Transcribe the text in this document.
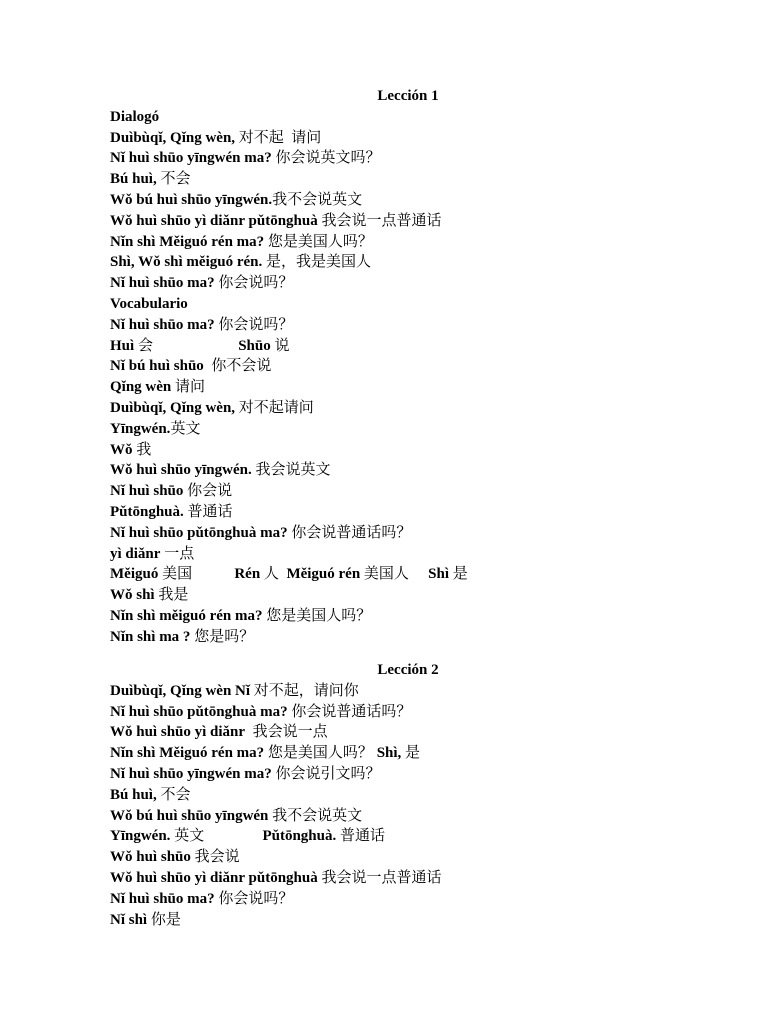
Lección 1
Dialogó
Duìbùqǐ, Qǐng wèn, 对不起  请问
Nǐ huì shūo yīngwén ma? 你会说英文吗？
Bú huì, 不会
Wǒ bú huì shūo yīngwén.我不会说英文
Wǒ huì shūo yì diǎnr pǔtōnghuà 我会说一点普通话
Nǐn shì Měiguó rén ma? 您是美国人吗？
Shì, Wǒ shì měiguó rén. 是，我是美国人
Nǐ huì shūo ma? 你会说吗？
Vocabulario
Nǐ huì shūo ma? 你会说吗？
Huì 会	Shūo 说
Nǐ bú huì shūo  你不会说
Qǐng wèn 请问
Duìbùqǐ, Qǐng wèn, 对不起请问
Yīngwén.英文
Wǒ 我
Wǒ huì shūo yīngwén. 我会说英文
Nǐ huì shūo 你会说
Pǔtōnghuà. 普通话
Nǐ huì shūo pǔtōnghuà ma? 你会说普通话吗？
yì diǎnr 一点
Měiguó 美国	Rén 人  Měiguó rén 美国人 Shì 是
Wǒ shì 我是
Nǐn shì měiguó rén ma? 您是美国人吗？
Nǐn shì ma ? 您是吗？
Lección 2
Duìbùqǐ, Qǐng wèn Nǐ 对不起，请问你
Nǐ huì shūo pǔtōnghuà ma? 你会说普通话吗？
Wǒ huì shūo yì diǎnr  我会说一点
Nǐn shì Měiguó rén ma? 您是美国人吗？ Shì, 是
Nǐ huì shūo yīngwén ma? 你会说引文吗？
Bú huì, 不会
Wǒ bú huì shūo yīngwén 我不会说英文
Yīngwén. 英文	Pǔtōnghuà. 普通话
Wǒ huì shūo 我会说
Wǒ huì shūo yì diǎnr pǔtōnghuà 我会说一点普通话
Nǐ huì shūo ma? 你会说吗？
Nǐ shì 你是
